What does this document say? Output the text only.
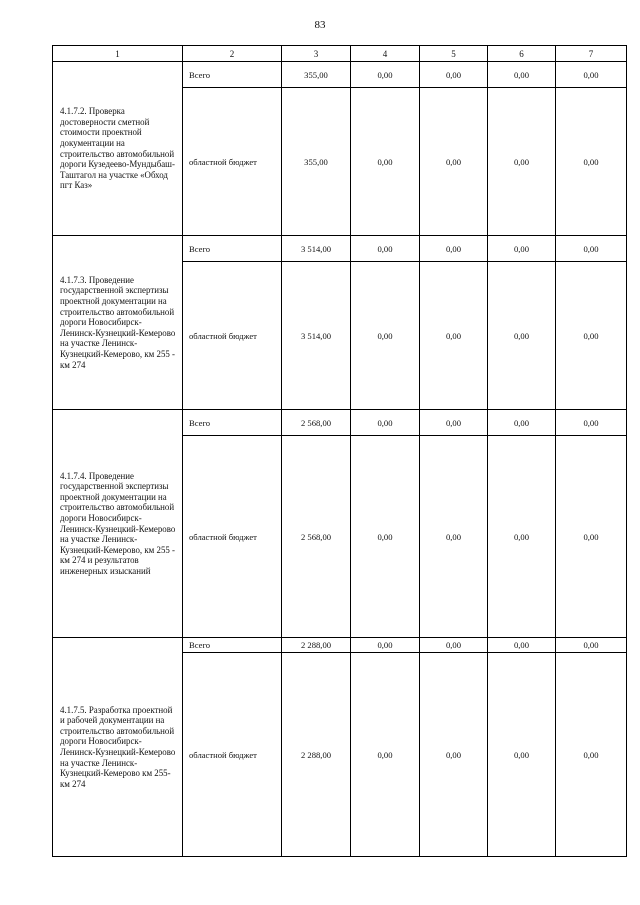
83
1	2	3	4	5	6	7
4.1.7.2. Проверка достоверности сметной стоимости проектной документации на строительство автомобильной дороги Кузедеево-Мундыбаш-Таштагол на участке «Обход пгт Каз»	Всего	355,00	0,00	0,00	0,00	0,00
	областной бюджет	355,00	0,00	0,00	0,00	0,00
4.1.7.3. Проведение государственной экспертизы проектной документации на строительство автомобильной дороги Новосибирск-Ленинск-Кузнецкий-Кемерово на участке Ленинск-Кузнецкий-Кемерово, км 255 - км 274	Всего	3 514,00	0,00	0,00	0,00	0,00
	областной бюджет	3 514,00	0,00	0,00	0,00	0,00
4.1.7.4. Проведение государственной экспертизы проектной документации на строительство автомобильной дороги Новосибирск-Ленинск-Кузнецкий-Кемерово на участке Ленинск-Кузнецкий-Кемерово, км 255 - км 274 и результатов инженерных изысканий	Всего	2 568,00	0,00	0,00	0,00	0,00
	областной бюджет	2 568,00	0,00	0,00	0,00	0,00
4.1.7.5. Разработка проектной и рабочей документации на строительство автомобильной дороги Новосибирск-Ленинск-Кузнецкий-Кемерово на участке Ленинск-Кузнецкий-Кемерово км 255-км 274	Всего	2 288,00	0,00	0,00	0,00	0,00
	областной бюджет	2 288,00	0,00	0,00	0,00	0,00
